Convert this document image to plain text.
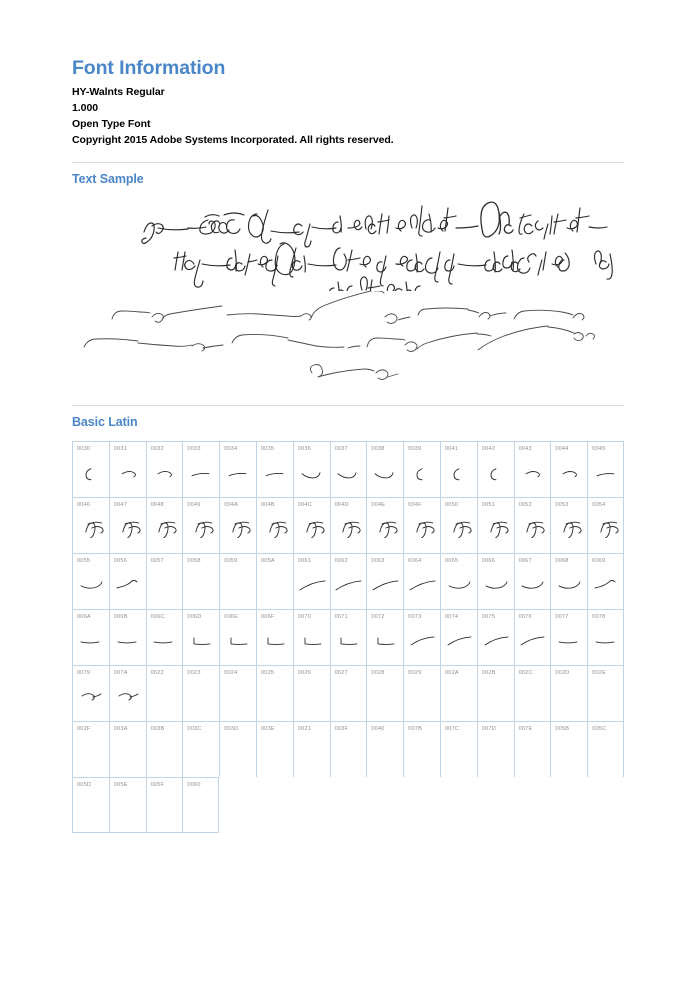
Font Information
HY-Walnts Regular
1.000
Open Type Font
Copyright 2015 Adobe Systems Incorporated. All rights reserved.
Text Sample
Basic Latin
0030	0031	0032	0033	0034	0035	0036	0037	0038	0039	0041	0042	0043	0044	0045
0046	0047	0048	0049	004A	004B	004C	004D	004E	004F	0050	0051	0052	0053	0054
0055	0056	0057	0058	0059	005A	0061	0062	0063	0064	0065	0066	0067	0068	0069
006A	006B	006C	006D	006E	006F	0070	0071	0072	0073	0074	0075	0076	0077	0078
0079	007A	0022	0023	0024	0025	0026	0027	0028	0029	002A	002B	002C	002D	002E
002F	003A	003B	003C	003D	003E	0021	003F	0040	007B	007C	007D	007E	005B	005C
005D	005E	005F	0060
